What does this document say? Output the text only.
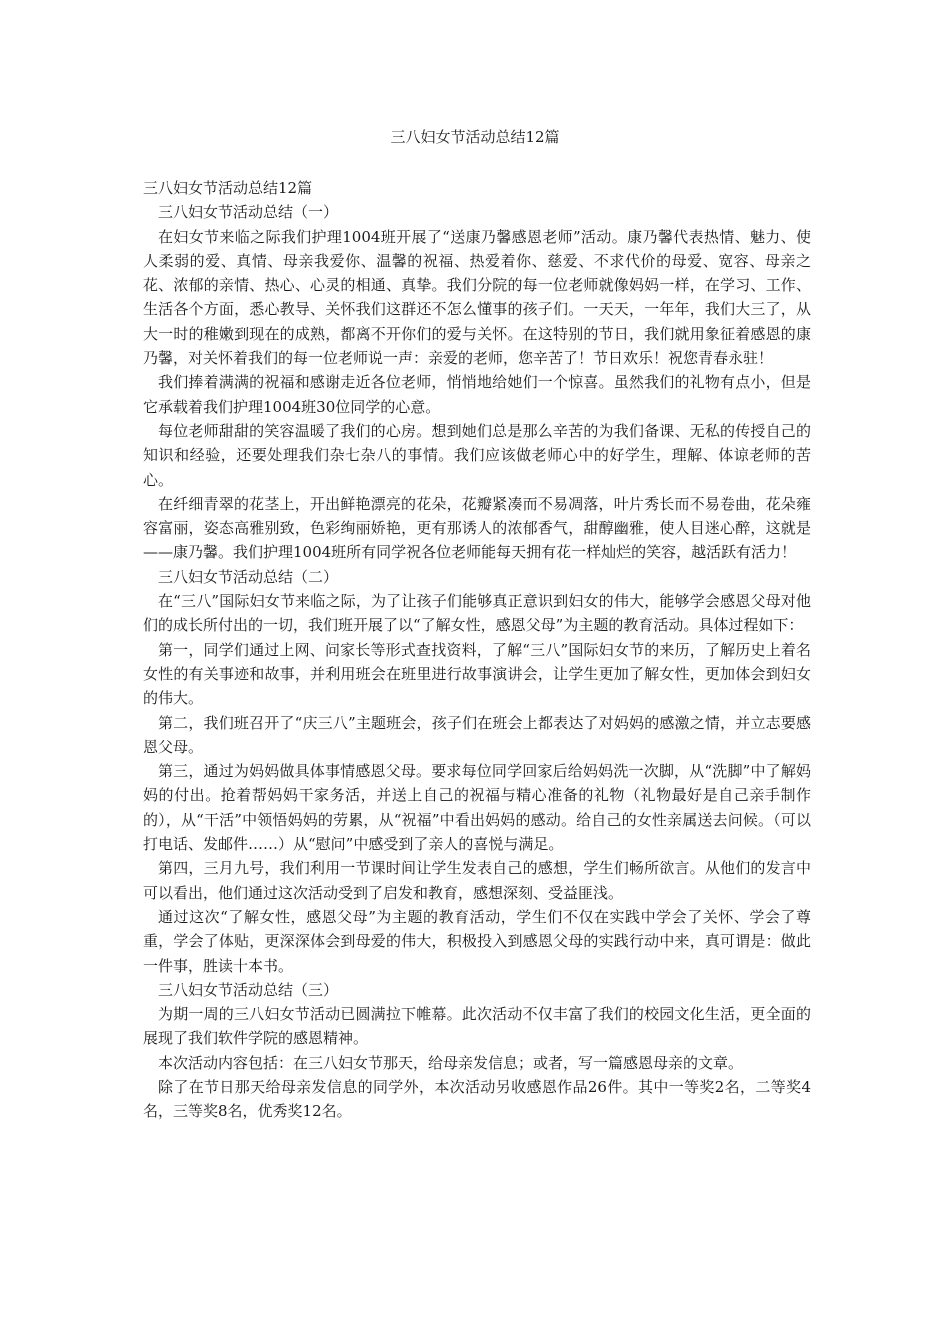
三八妇女节活动总结12篇

三八妇女节活动总结12篇

三八妇女节活动总结（一）

在妇女节来临之际我们护理1004班开展了“送康乃馨感恩老师”活动。康乃馨代表热情、魅力、使人柔弱的爱、真情、母亲我爱你、温馨的祝福、热爱着你、慈爱、不求代价的母爱、宽容、母亲之花、浓郁的亲情、热心、心灵的相通、真挚。我们分院的每一位老师就像妈妈一样，在学习、工作、生活各个方面，悉心教导、关怀我们这群还不怎么懂事的孩子们。一天天，一年年，我们大三了，从大一时的稚嫩到现在的成熟，都离不开你们的爱与关怀。在这特别的节日，我们就用象征着感恩的康乃馨，对关怀着我们的每一位老师说一声：亲爱的老师，您辛苦了！节日欢乐！祝您青春永驻！

我们捧着满满的祝福和感谢走近各位老师，悄悄地给她们一个惊喜。虽然我们的礼物有点小，但是它承载着我们护理1004班30位同学的心意。

每位老师甜甜的笑容温暖了我们的心房。想到她们总是那么辛苦的为我们备课、无私的传授自己的知识和经验，还要处理我们杂七杂八的事情。我们应该做老师心中的好学生，理解、体谅老师的苦心。

在纤细青翠的花茎上，开出鲜艳漂亮的花朵，花瓣紧凑而不易凋落，叶片秀长而不易卷曲，花朵雍容富丽，姿态高雅别致，色彩绚丽娇艳，更有那诱人的浓郁香气，甜醇幽雅，使人目迷心醉，这就是——康乃馨。我们护理1004班所有同学祝各位老师能每天拥有花一样灿烂的笑容，越活跃有活力！

三八妇女节活动总结（二）

在“三八”国际妇女节来临之际，为了让孩子们能够真正意识到妇女的伟大，能够学会感恩父母对他们的成长所付出的一切，我们班开展了以“了解女性，感恩父母”为主题的教育活动。具体过程如下：

第一，同学们通过上网、问家长等形式查找资料，了解“三八”国际妇女节的来历，了解历史上着名女性的有关事迹和故事，并利用班会在班里进行故事演讲会，让学生更加了解女性，更加体会到妇女的伟大。

第二，我们班召开了“庆三八”主题班会，孩子们在班会上都表达了对妈妈的感激之情，并立志要感恩父母。

第三，通过为妈妈做具体事情感恩父母。要求每位同学回家后给妈妈洗一次脚，从“洗脚”中了解妈妈的付出。抢着帮妈妈干家务活，并送上自己的祝福与精心准备的礼物（礼物最好是自己亲手制作的），从“干活”中领悟妈妈的劳累，从“祝福”中看出妈妈的感动。给自己的女性亲属送去问候。（可以打电话、发邮件……）从“慰问”中感受到了亲人的喜悦与满足。

第四，三月九号，我们利用一节课时间让学生发表自己的感想，学生们畅所欲言。从他们的发言中可以看出，他们通过这次活动受到了启发和教育，感想深刻、受益匪浅。

通过这次“了解女性，感恩父母”为主题的教育活动，学生们不仅在实践中学会了关怀、学会了尊重，学会了体贴，更深深体会到母爱的伟大，积极投入到感恩父母的实践行动中来，真可谓是：做此一件事，胜读十本书。

三八妇女节活动总结（三）

为期一周的三八妇女节活动已圆满拉下帷幕。此次活动不仅丰富了我们的校园文化生活，更全面的展现了我们软件学院的感恩精神。

本次活动内容包括：在三八妇女节那天，给母亲发信息；或者，写一篇感恩母亲的文章。

除了在节日那天给母亲发信息的同学外，本次活动另收感恩作品26件。其中一等奖2名，二等奖4名，三等奖8名，优秀奖12名。
